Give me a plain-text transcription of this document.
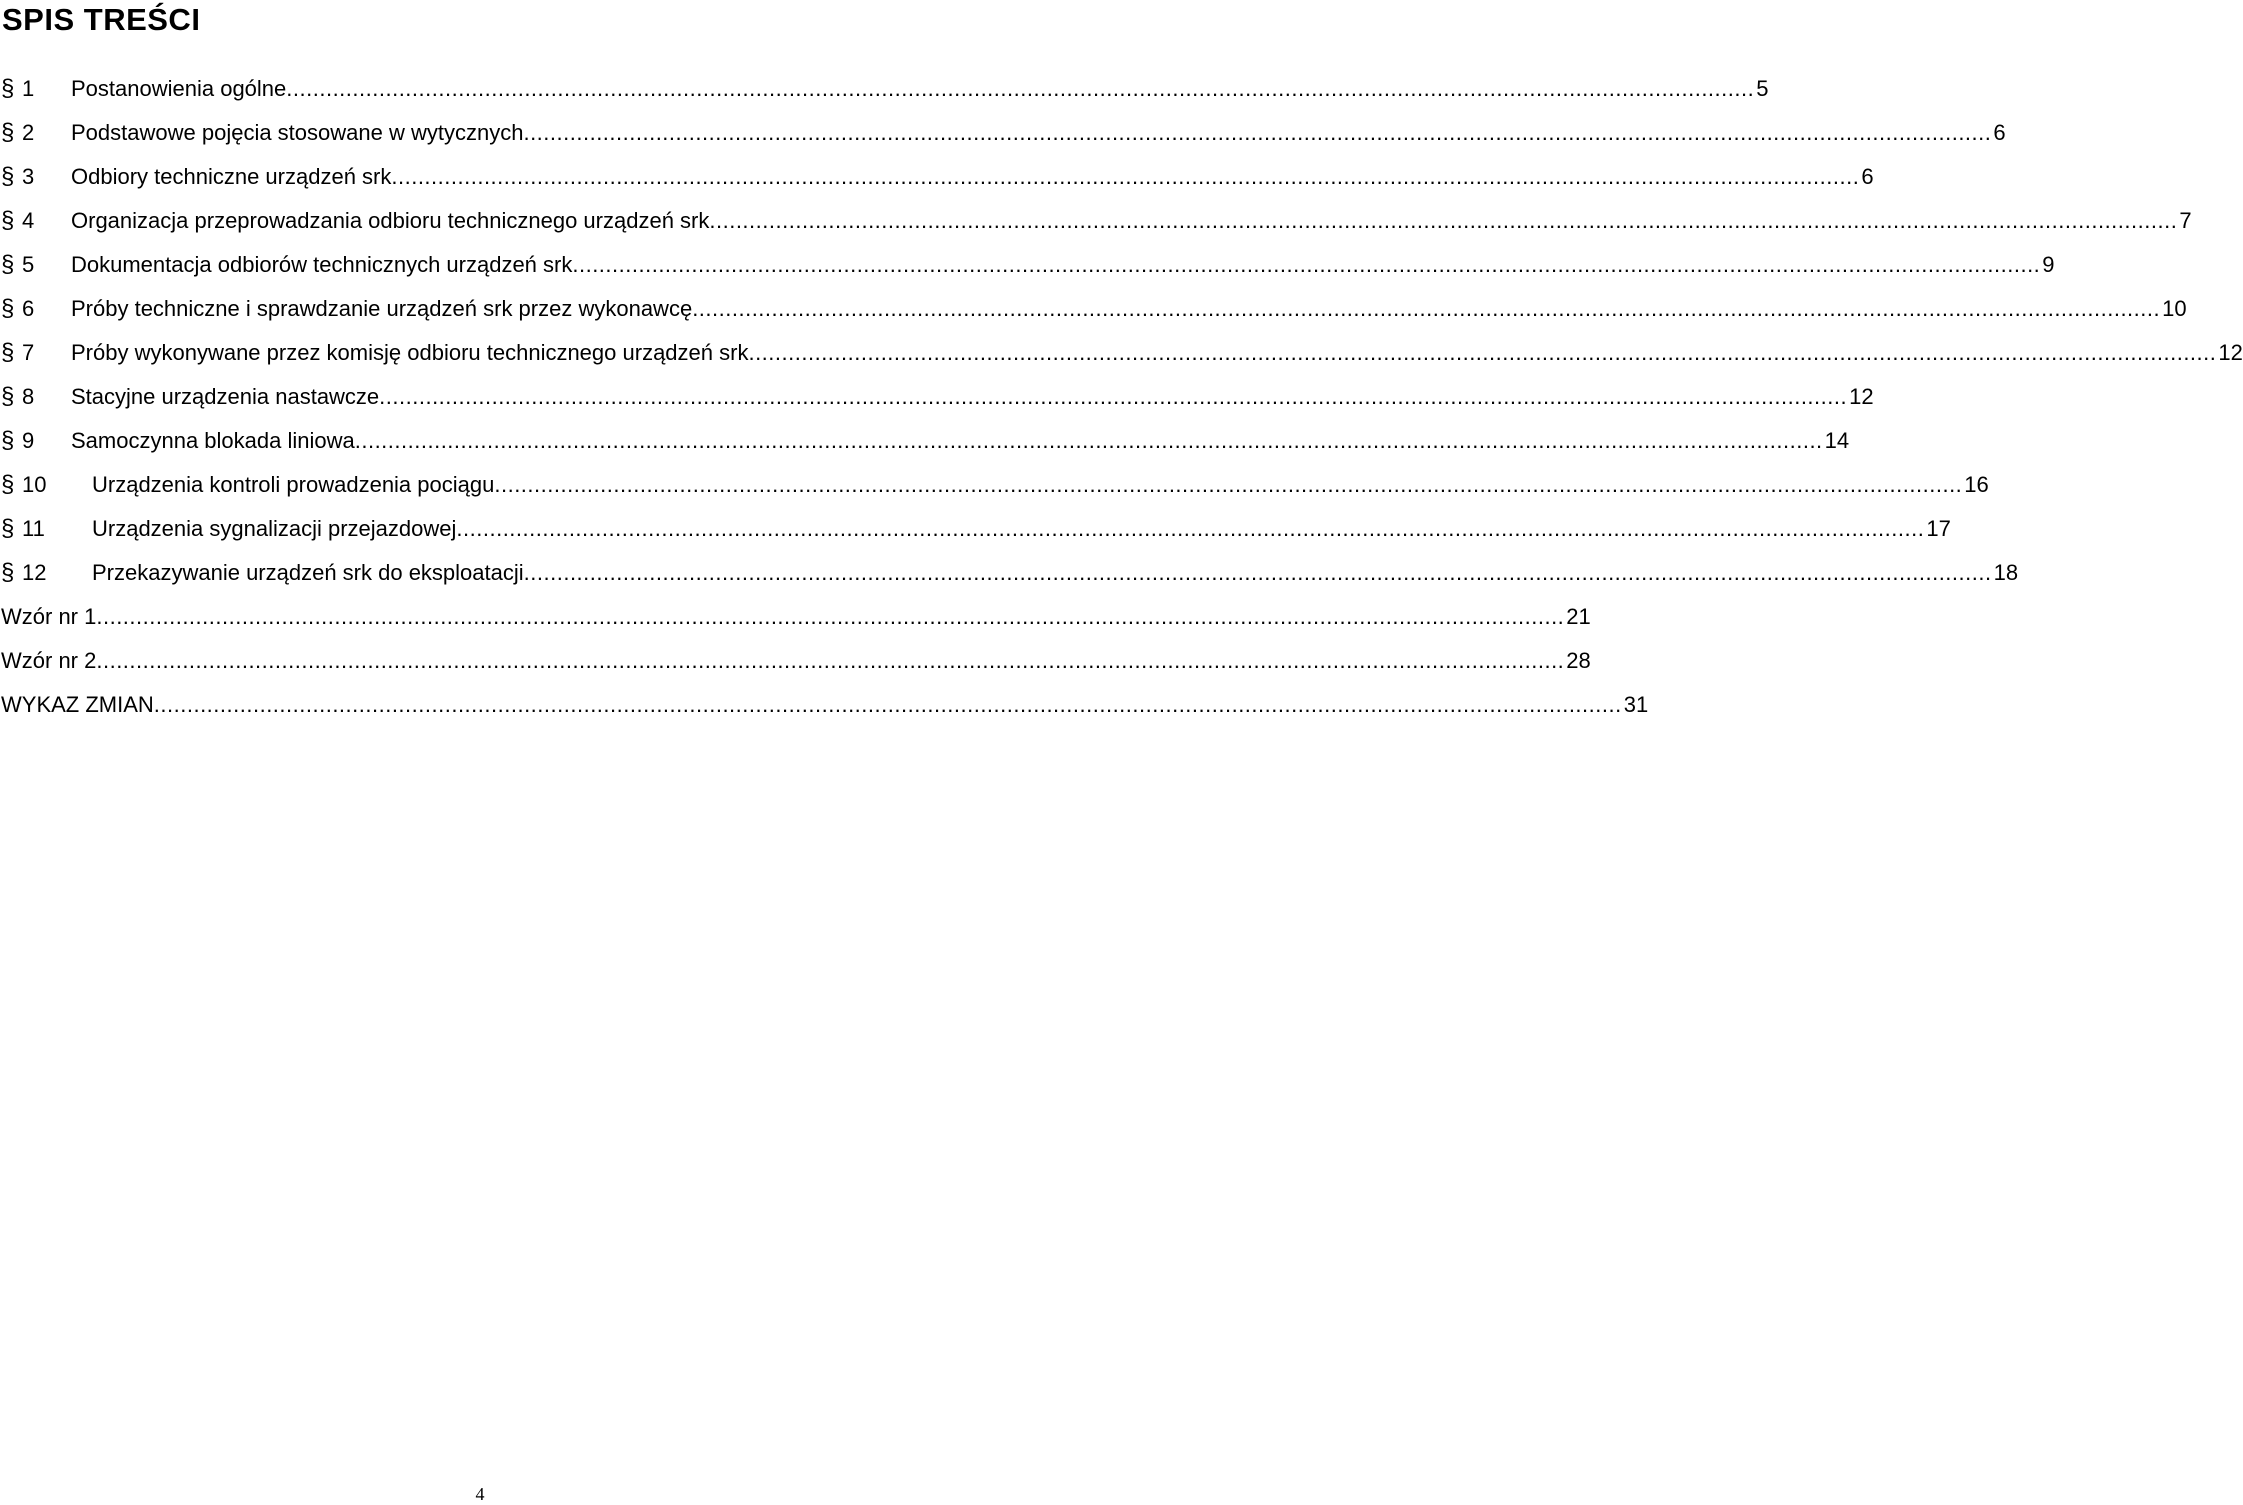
SPIS TREŚCI
§ 1 Postanowienia ogólne .............................................................................................................................................................................................................................. 5
§ 2 Podstawowe pojęcia stosowane w wytycznych .............................................................................................................................................................................................................................. 6
§ 3 Odbiory techniczne urządzeń srk .............................................................................................................................................................................................................................. 6
§ 4 Organizacja przeprowadzania odbioru technicznego urządzeń srk .............................................................................................................................................................................................................................. 7
§ 5 Dokumentacja odbiorów technicznych urządzeń srk .............................................................................................................................................................................................................................. 9
§ 6 Próby techniczne i sprawdzanie urządzeń srk przez wykonawcę .............................................................................................................................................................................................................................. 10
§ 7 Próby wykonywane przez komisję odbioru technicznego urządzeń srk .............................................................................................................................................................................................................................. 12
§ 8 Stacyjne urządzenia nastawcze .............................................................................................................................................................................................................................. 12
§ 9 Samoczynna blokada liniowa .............................................................................................................................................................................................................................. 14
§ 10 Urządzenia kontroli prowadzenia pociągu .............................................................................................................................................................................................................................. 16
§ 11 Urządzenia sygnalizacji przejazdowej .............................................................................................................................................................................................................................. 17
§ 12 Przekazywanie urządzeń srk do eksploatacji .............................................................................................................................................................................................................................. 18
Wzór nr 1 .............................................................................................................................................................................................................................. 21
Wzór nr 2 .............................................................................................................................................................................................................................. 28
WYKAZ ZMIAN .............................................................................................................................................................................................................................. 31
4
